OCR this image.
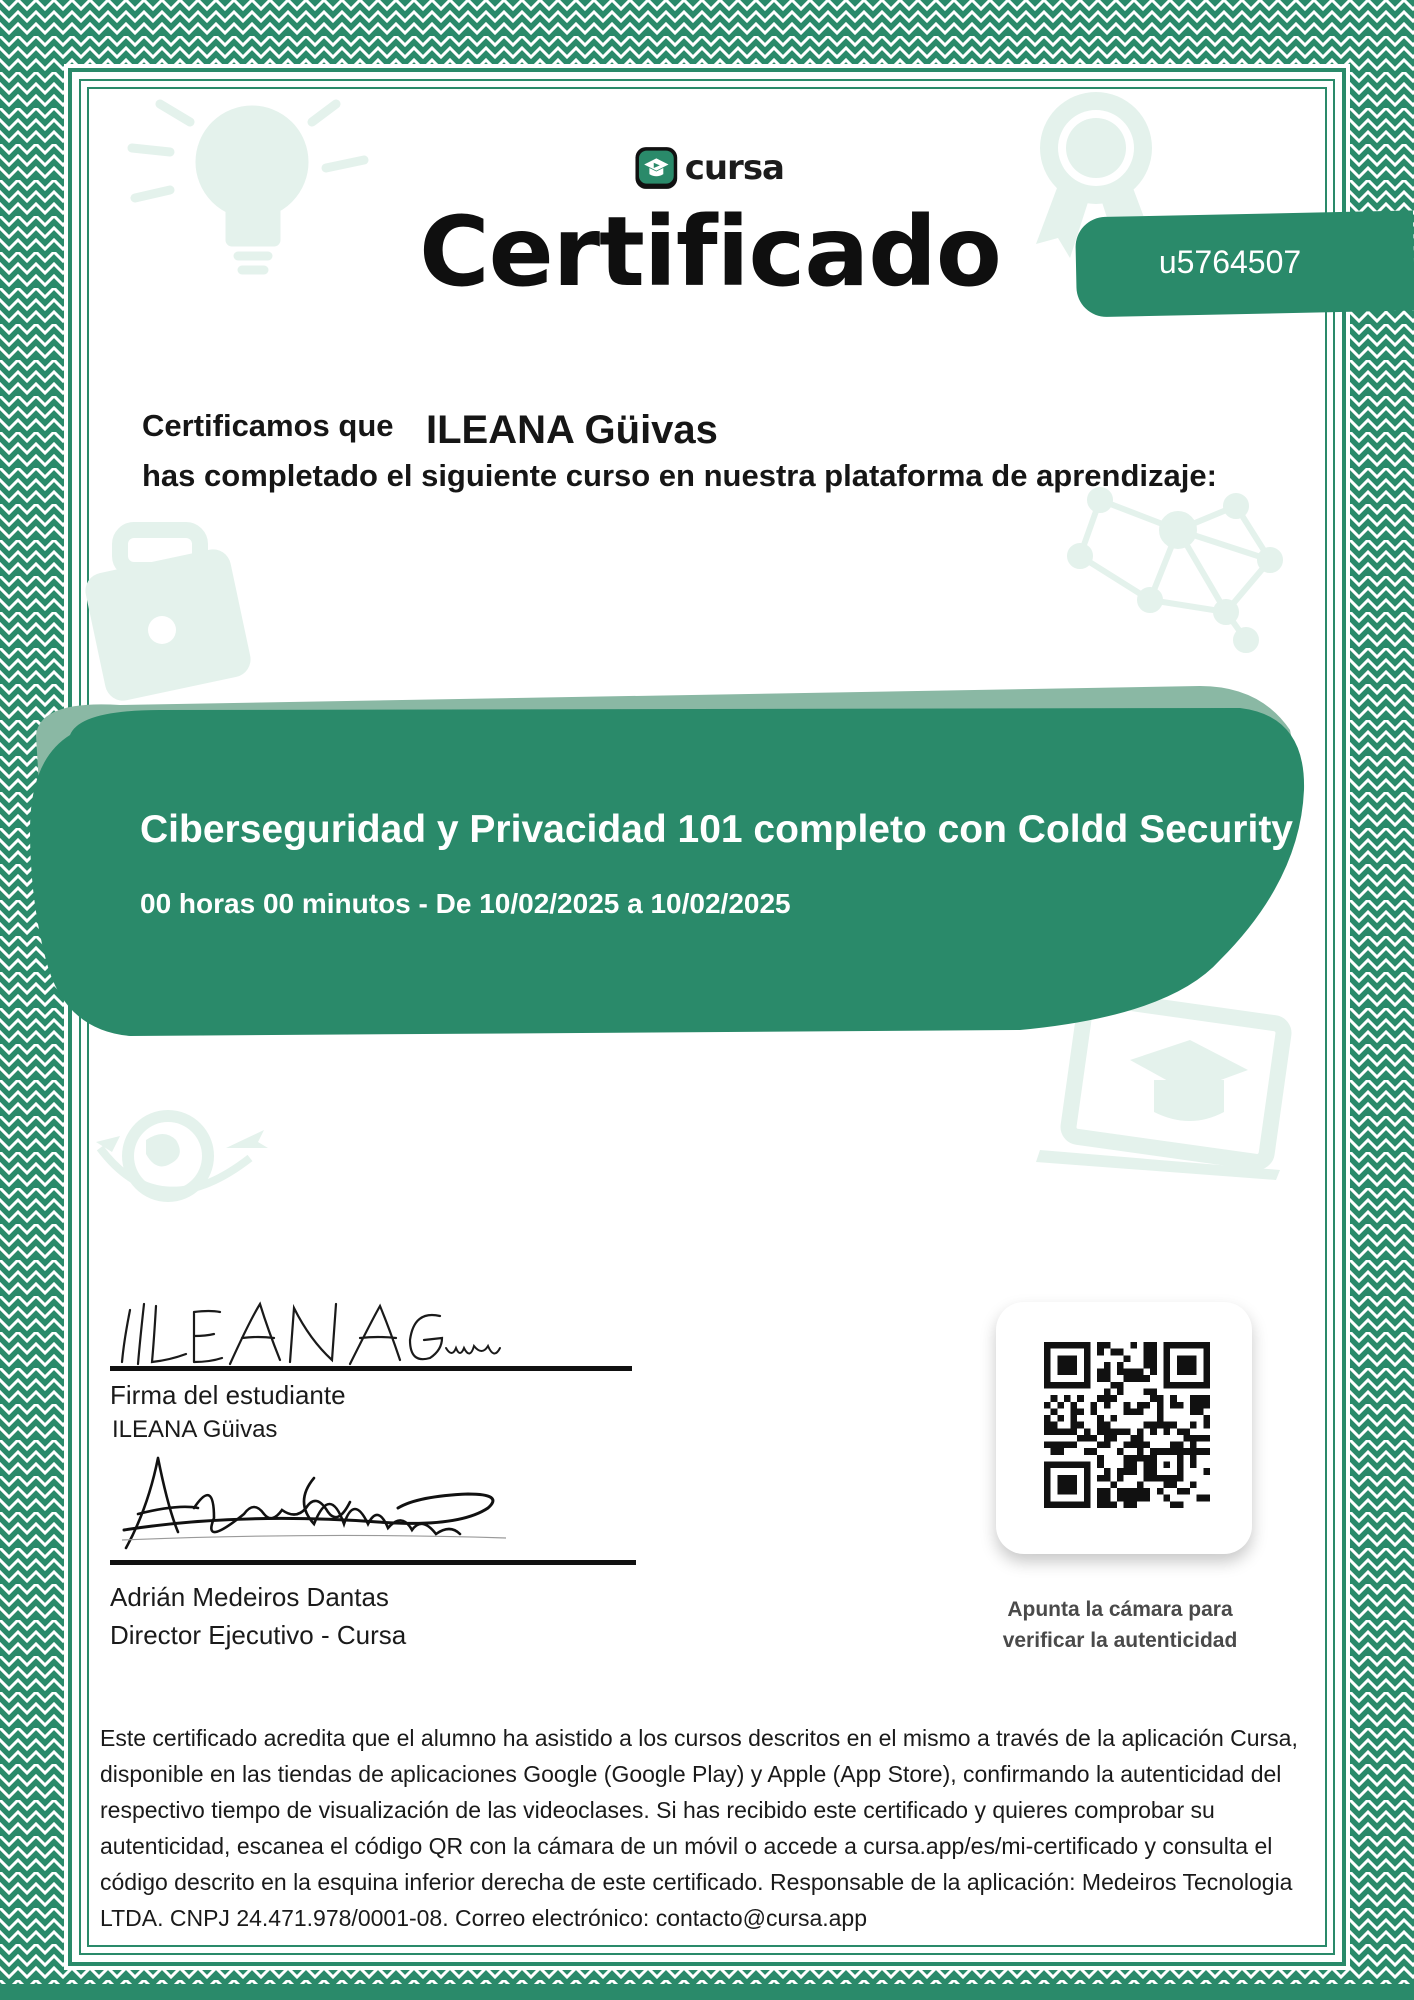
cursa
Certificado	u5764507
Certificamos que ILEANA Güivas
has completado el siguiente curso en nuestra plataforma de aprendizaje:
Ciberseguridad y Privacidad 101 completo con Coldd Security
00 horas 00 minutos - De 10/02/2025 a 10/02/2025
Firma del estudiante
ILEANA Güivas
Adrián Medeiros Dantas
Director Ejecutivo - Cursa
Apunta la cámara para
verificar la autenticidad
Este certificado acredita que el alumno ha asistido a los cursos descritos en el mismo a través de la aplicación Cursa, disponible en las tiendas de aplicaciones Google (Google Play) y Apple (App Store), confirmando la autenticidad del respectivo tiempo de visualización de las videoclases. Si has recibido este certificado y quieres comprobar su autenticidad, escanea el código QR con la cámara de un móvil o accede a cursa.app/es/mi-certificado y consulta el código descrito en la esquina inferior derecha de este certificado. Responsable de la aplicación: Medeiros Tecnologia LTDA. CNPJ 24.471.978/0001-08. Correo electrónico: contacto@cursa.app
